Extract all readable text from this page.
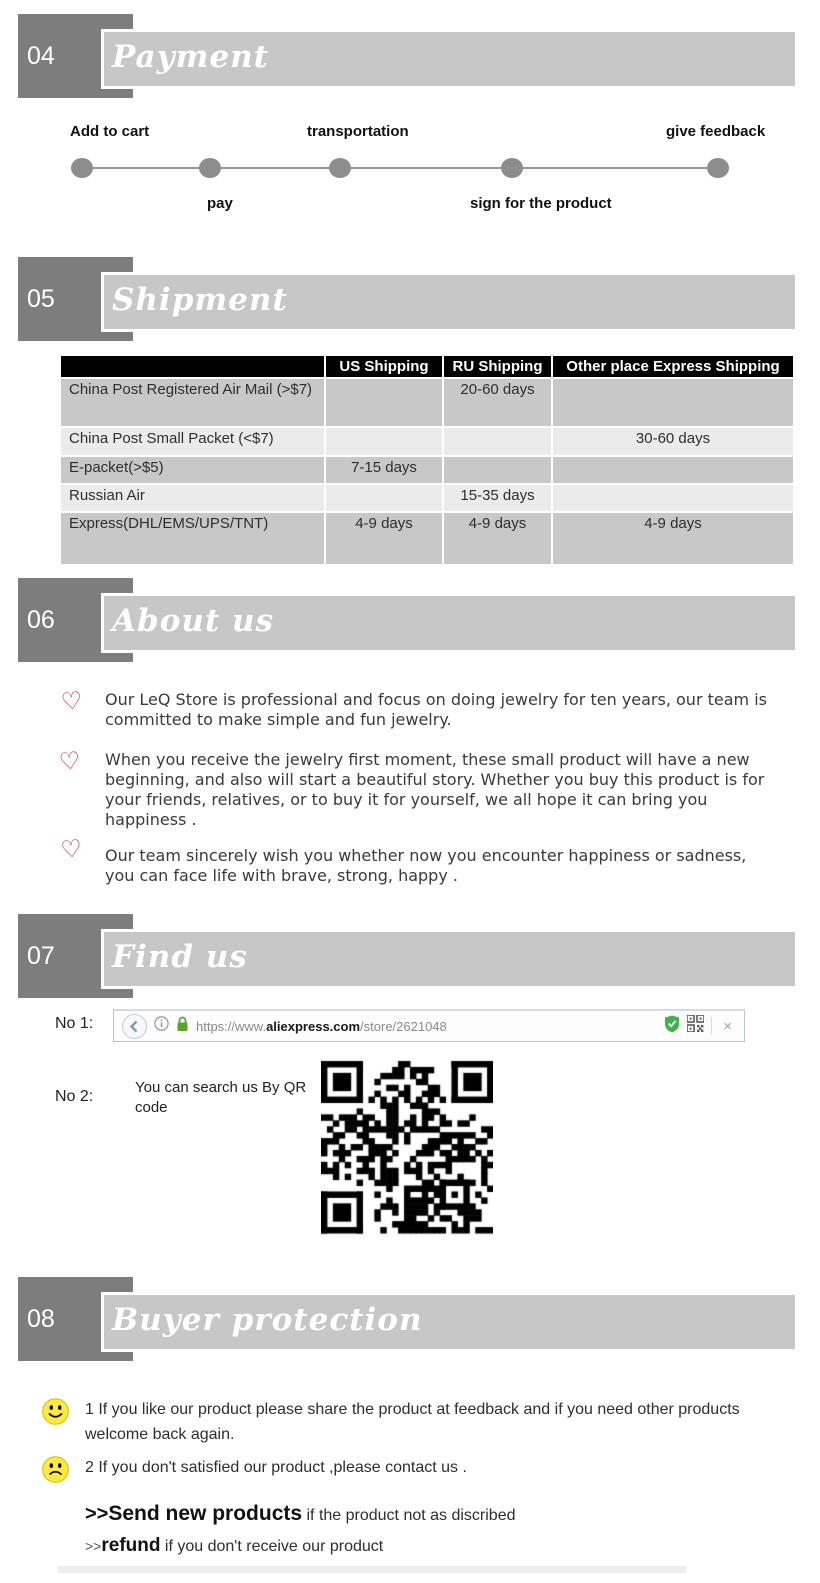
04 Payment
Add to cart
pay
transportation
sign for the product
give feedback
05 Shipment
	US Shipping	RU Shipping	Other place Express Shipping
China Post Registered Air Mail (>$7)		20-60 days	
China Post Small Packet (<$7)			30-60 days
E-packet(>$5)	7-15 days		
Russian Air		15-35 days	
Express(DHL/EMS/UPS/TNT)	4-9 days	4-9 days	4-9 days
06 About us
♡	Our LeQ Store is professional and focus on doing jewelry for ten years, our team is committed to make simple and fun jewelry.
♡	When you receive the jewelry first moment, these small product will have a new beginning, and also will start a beautiful story. Whether you buy this product is for your friends, relatives, or to buy it for yourself, we all hope it can bring you happiness .
♡	Our team sincerely wish you whether now you encounter happiness or sadness, you can face life with brave, strong, happy .
07 Find us
No 1:	https://www.aliexpress.com/store/2621048	×
No 2:
You can search us By QR code
08 Buyer protection
1 If you like our product please share the product at feedback and if you need other products welcome back again.
2 If you don't satisfied our product ,please contact us .
>>Send new products if the product not as discribed
>>refund if you don't receive our product
